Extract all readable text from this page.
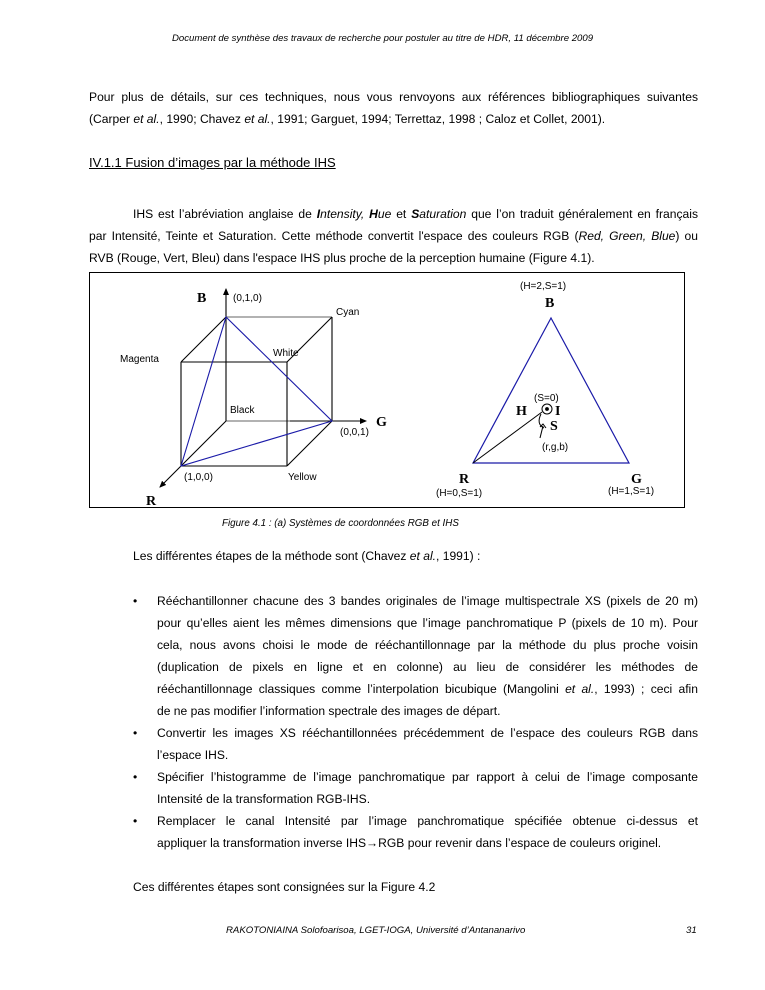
Document de synthèse des travaux de recherche pour postuler au titre de HDR, 11 décembre 2009
Pour plus de détails, sur ces techniques, nous vous renvoyons aux références bibliographiques suivantes
(Carper et al., 1990; Chavez et al., 1991; Garguet, 1994; Terrettaz, 1998 ; Caloz et Collet, 2001).
IV.1.1 Fusion d’images par la méthode IHS
IHS est l’abréviation anglaise de Intensity, Hue et Saturation que l’on traduit généralement en français
par Intensité, Teinte et Saturation. Cette méthode convertit l'espace des couleurs RGB (Red, Green, Blue) ou
RVB (Rouge, Vert, Bleu) dans l'espace IHS plus proche de la perception humaine (Figure 4.1).
B	(0,1,0)
Cyan
Magenta
White
Black
G
(0,0,1)
(1,0,0)	Yellow
R
(H=2,S=1)
B
(S=0)
H I
S
(r,g,b)
R
(H=0,S=1)
G
(H=1,S=1)
Figure 4.1 : (a) Systèmes de coordonnées RGB et IHS
Les différentes étapes de la méthode sont (Chavez et al., 1991) :
• Rééchantillonner chacune des 3 bandes originales de l’image multispectrale XS (pixels de 20 m)
pour qu’elles aient les mêmes dimensions que l’image panchromatique P (pixels de 10 m). Pour
cela, nous avons choisi le mode de rééchantillonnage par la méthode du plus proche voisin
(duplication de pixels en ligne et en colonne) au lieu de considérer les méthodes de
rééchantillonnage classiques comme l’interpolation bicubique (Mangolini et al., 1993) ; ceci afin
de ne pas modifier l’information spectrale des images de départ.
• Convertir les images XS rééchantillonnées précédemment de l’espace des couleurs RGB dans
l’espace IHS.
• Spécifier l’histogramme de l’image panchromatique par rapport à celui de l’image composante
Intensité de la transformation RGB-IHS.
• Remplacer le canal Intensité par l’image panchromatique spécifiée obtenue ci-dessus et
appliquer la transformation inverse IHS→RGB pour revenir dans l’espace de couleurs originel.
Ces différentes étapes sont consignées sur la Figure 4.2
RAKOTONIAINA Solofoarisoa, LGET-IOGA, Université d’Antananarivo	31
